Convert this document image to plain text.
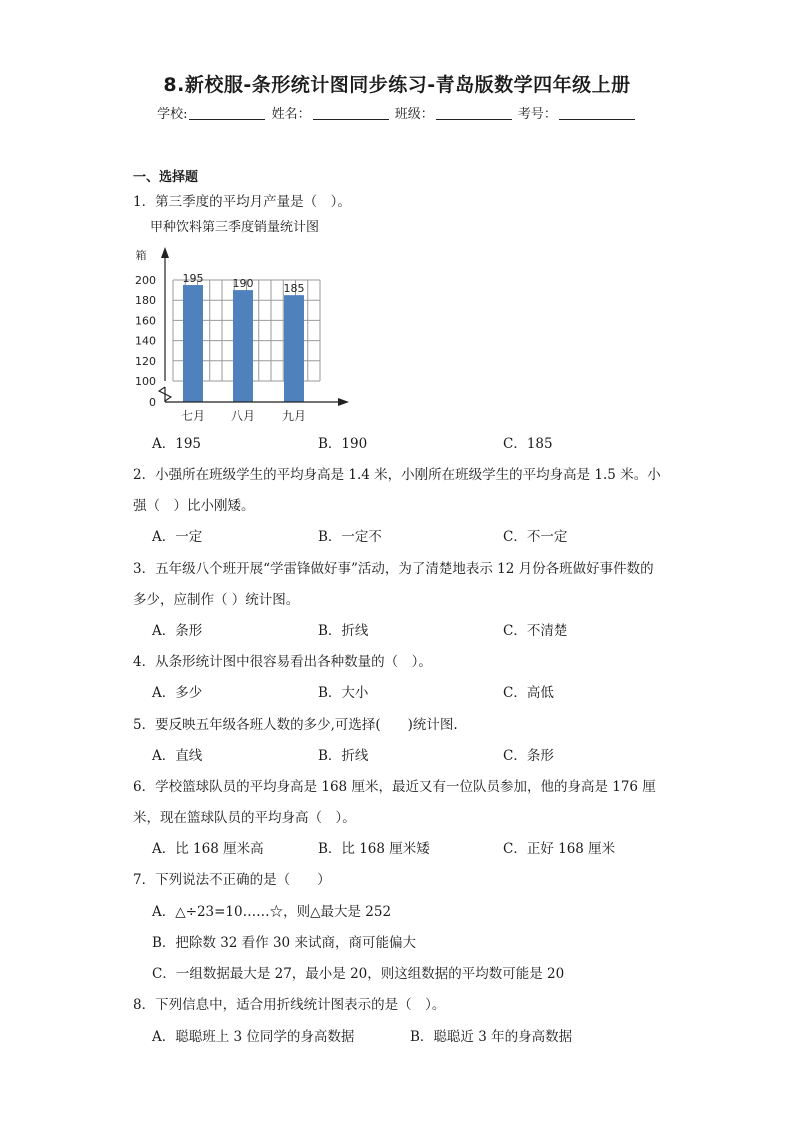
8.新校服-条形统计图同步练习-青岛版数学四年级上册
学校:	姓名：	班级：	考号：
一、选择题
1．第三季度的平均月产量是（　）。
甲种饮料第三季度销量统计图
195
七月
190
八月
185
九月
0
100
120
140
160
180
200
箱
A．195	B．190	C．185
2．小强所在班级学生的平均身高是 1.4 米，小刚所在班级学生的平均身高是 1.5 米。小
强（　）比小刚矮。
A．一定	B．一定不	C．不一定
3．五年级八个班开展“学雷锋做好事”活动，为了清楚地表示 12 月份各班做好事件数的
多少，应制作（ ）统计图。
A．条形	B．折线	C．不清楚
4．从条形统计图中很容易看出各种数量的（　）。
A．多少	B．大小	C．高低
5．要反映五年级各班人数的多少,可选择(　　)统计图.
A．直线	B．折线	C．条形
6．学校篮球队员的平均身高是 168 厘米，最近又有一位队员参加，他的身高是 176 厘
米，现在篮球队员的平均身高（　）。
A．比 168 厘米高	B．比 168 厘米矮	C．正好 168 厘米
7．下列说法不正确的是（　　）
A．△÷23=10……☆，则△最大是 252
B．把除数 32 看作 30 来试商，商可能偏大
C．一组数据最大是 27，最小是 20，则这组数据的平均数可能是 20
8．下列信息中，适合用折线统计图表示的是（　）。
A．聪聪班上 3 位同学的身高数据	B．聪聪近 3 年的身高数据
